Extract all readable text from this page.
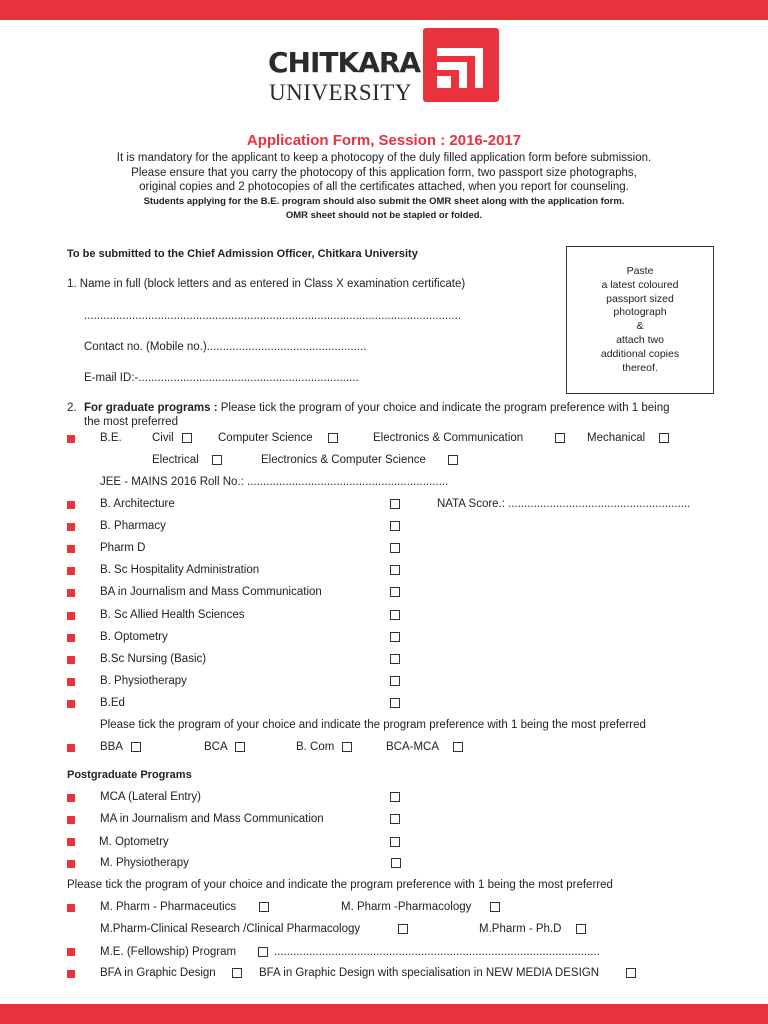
CHITKARA
UNIVERSITY
Application Form, Session : 2016-2017
It is mandatory for the applicant to keep a photocopy of the duly filled application form before submission.
Please ensure that you carry the photocopy of this application form, two passport size photographs,
original copies and 2 photocopies of all the certificates attached, when you report for counseling.
Students applying for the B.E. program should also submit the OMR sheet along with the application form.
OMR sheet should not be stapled or folded.
To be submitted to the Chief Admission Officer, Chitkara University
Paste
a latest coloured
passport sized
photograph
&
attach two
additional copies
thereof.
1. Name in full (block letters and as entered in Class X examination certificate)
......................................................................................................................
Contact no. (Mobile no.)..................................................
E-mail ID:-.....................................................................
2. For graduate programs : Please tick the program of your choice and indicate the program preference with 1 being
the most preferred
B.E.	Civil	Computer Science	Electronics & Communication	Mechanical
Electrical	Electronics & Computer Science
JEE - MAINS 2016 Roll No.: ...............................................................
B. Architecture	NATA Score.: .........................................................
B. Pharmacy
Pharm D
B. Sc Hospitality Administration
BA in Journalism and Mass Communication
B. Sc Allied Health Sciences
B. Optometry
B.Sc Nursing (Basic)
B. Physiotherapy
B.Ed
Please tick the program of your choice and indicate the program preference with 1 being the most preferred
BBA	BCA	B. Com	BCA-MCA
Postgraduate Programs
MCA (Lateral Entry)
MA in Journalism and Mass Communication
M. Optometry
M. Physiotherapy
Please tick the program of your choice and indicate the program preference with 1 being the most preferred
M. Pharm - Pharmaceutics	M. Pharm -Pharmacology
M.Pharm-Clinical Research /Clinical Pharmacology	M.Pharm - Ph.D
M.E. (Fellowship) Program	......................................................................................................
BFA in Graphic Design	BFA in Graphic Design with specialisation in NEW MEDIA DESIGN
